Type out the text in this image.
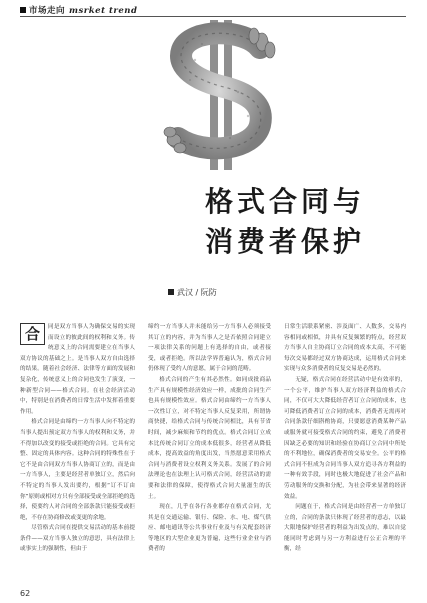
市场走向 msrket trend
格式合同与
消费者保护
武汉 / 阮防
合	同是双方当事人为确保交易的实现而设立的彼此间的权利和义务。传统意义上的合同需要建立在当事人双方协议的基础之上。是当事人双方自由选择的结果。随着社会经济、法律等方面的发展和复杂化，传统意义上的合同也发生了演变，一种新型合同——格式合同。在社会经济活动中，特别是在消费者的日常生活中发挥着重要作用。

格式合同是由缔约一方当事人向不特定的当事人提出预定双方当事人的权利和义务，并不得加以改变的接受或拒绝的合同。它具有完整、固定的具体内容。这种合同的特殊性在于它不是由合同双方当事人协商订立的，而是由一方当事人，主要是经营者单独订立，然后向不特定的当事人发出要约，根据“订不订由你”原则或相对方只有全部接受或全部拒绝的选择，使要约人对合同的全部条款只能接受或拒绝，不存在协商修改或变更的余地。

尽管格式合同在提供交易活动的基本前提条件——双方当事人独立的意思，具有法律上或事实上的强制性，但由于

缔约一方当事人并未能给另一方当事人必须接受其订立的内容，并为当事人之是否依照合同建立一项法律关系的问题上有选择的自由，或者接受，或者拒绝。所以法学界普遍认为，格式合同仍体现了受约人的意愿，属于合同的范畴。

格式合同的产生有其必然性。如同成批商品生产具有规模性经济效应一样，成批的合同生产也具有规模性效应。格式合同由缔约一方当事人一次性订立，对不特定当事人反复采用，所谓协商快捷，给格式合同与传统合同相比，具有节省时间，减少麻烦和节约的优点。格式合同订立成本比传统合同订立的成本低很多，经营者从降低成本，提高效益的角度出发，当然愿意采用格式合同与消费者设立权利义务关系。发展了的合同法理论也在法理上认可格式合同，经营活动的需要和法律的保障，使得格式合同大量滋生的沃土。

现在，几乎在各行各业都存在格式合同，尤其是在交通运输、银行、保险、水、电、煤气供应、邮电通讯等公共事业行业及与有关配套经济等地区的大型企业更为普遍，这些行业企业与消费者的

日常生活联系紧密、涉及面广、人数多，交易内容相同或相似，并具有反复频繁的特点，经营双方当事人自主协商订立合同的成本太高，不可能每次交易都经过双方协商达成，运用格式合同来实现与众多消费者的反复交易是必然的。

无疑，格式合同在经营活动中是有效率的，一个公平，维护当事人双方经济利益的格式合同，不仅可大大降低经营者订立合同的成本，也可降低消费者订立合同的成本，消费者无需再对合同条款仔细斟酌协商，只要愿意消费某种产品或服务就可接受格式合同的约束，避免了消费者因缺乏必要的知识和经验在协商订立合同中所处的不利地位，确保消费者的交易安全。公平的格式合同不但成为合同当事人双方追寻各方利益的一种有效手段，同时也极大地促进了社会产品和劳动服务的交换和分配，为社会带来显著的经济效益。

问题在于，格式合同是由经营者一方单独订立的，合同的条款只体现了经营者的意志，以最大限地保护经营者的利益为出发点的，难以自觉能同时考虑到与另一方利益进行公正合理的平衡，经

62
